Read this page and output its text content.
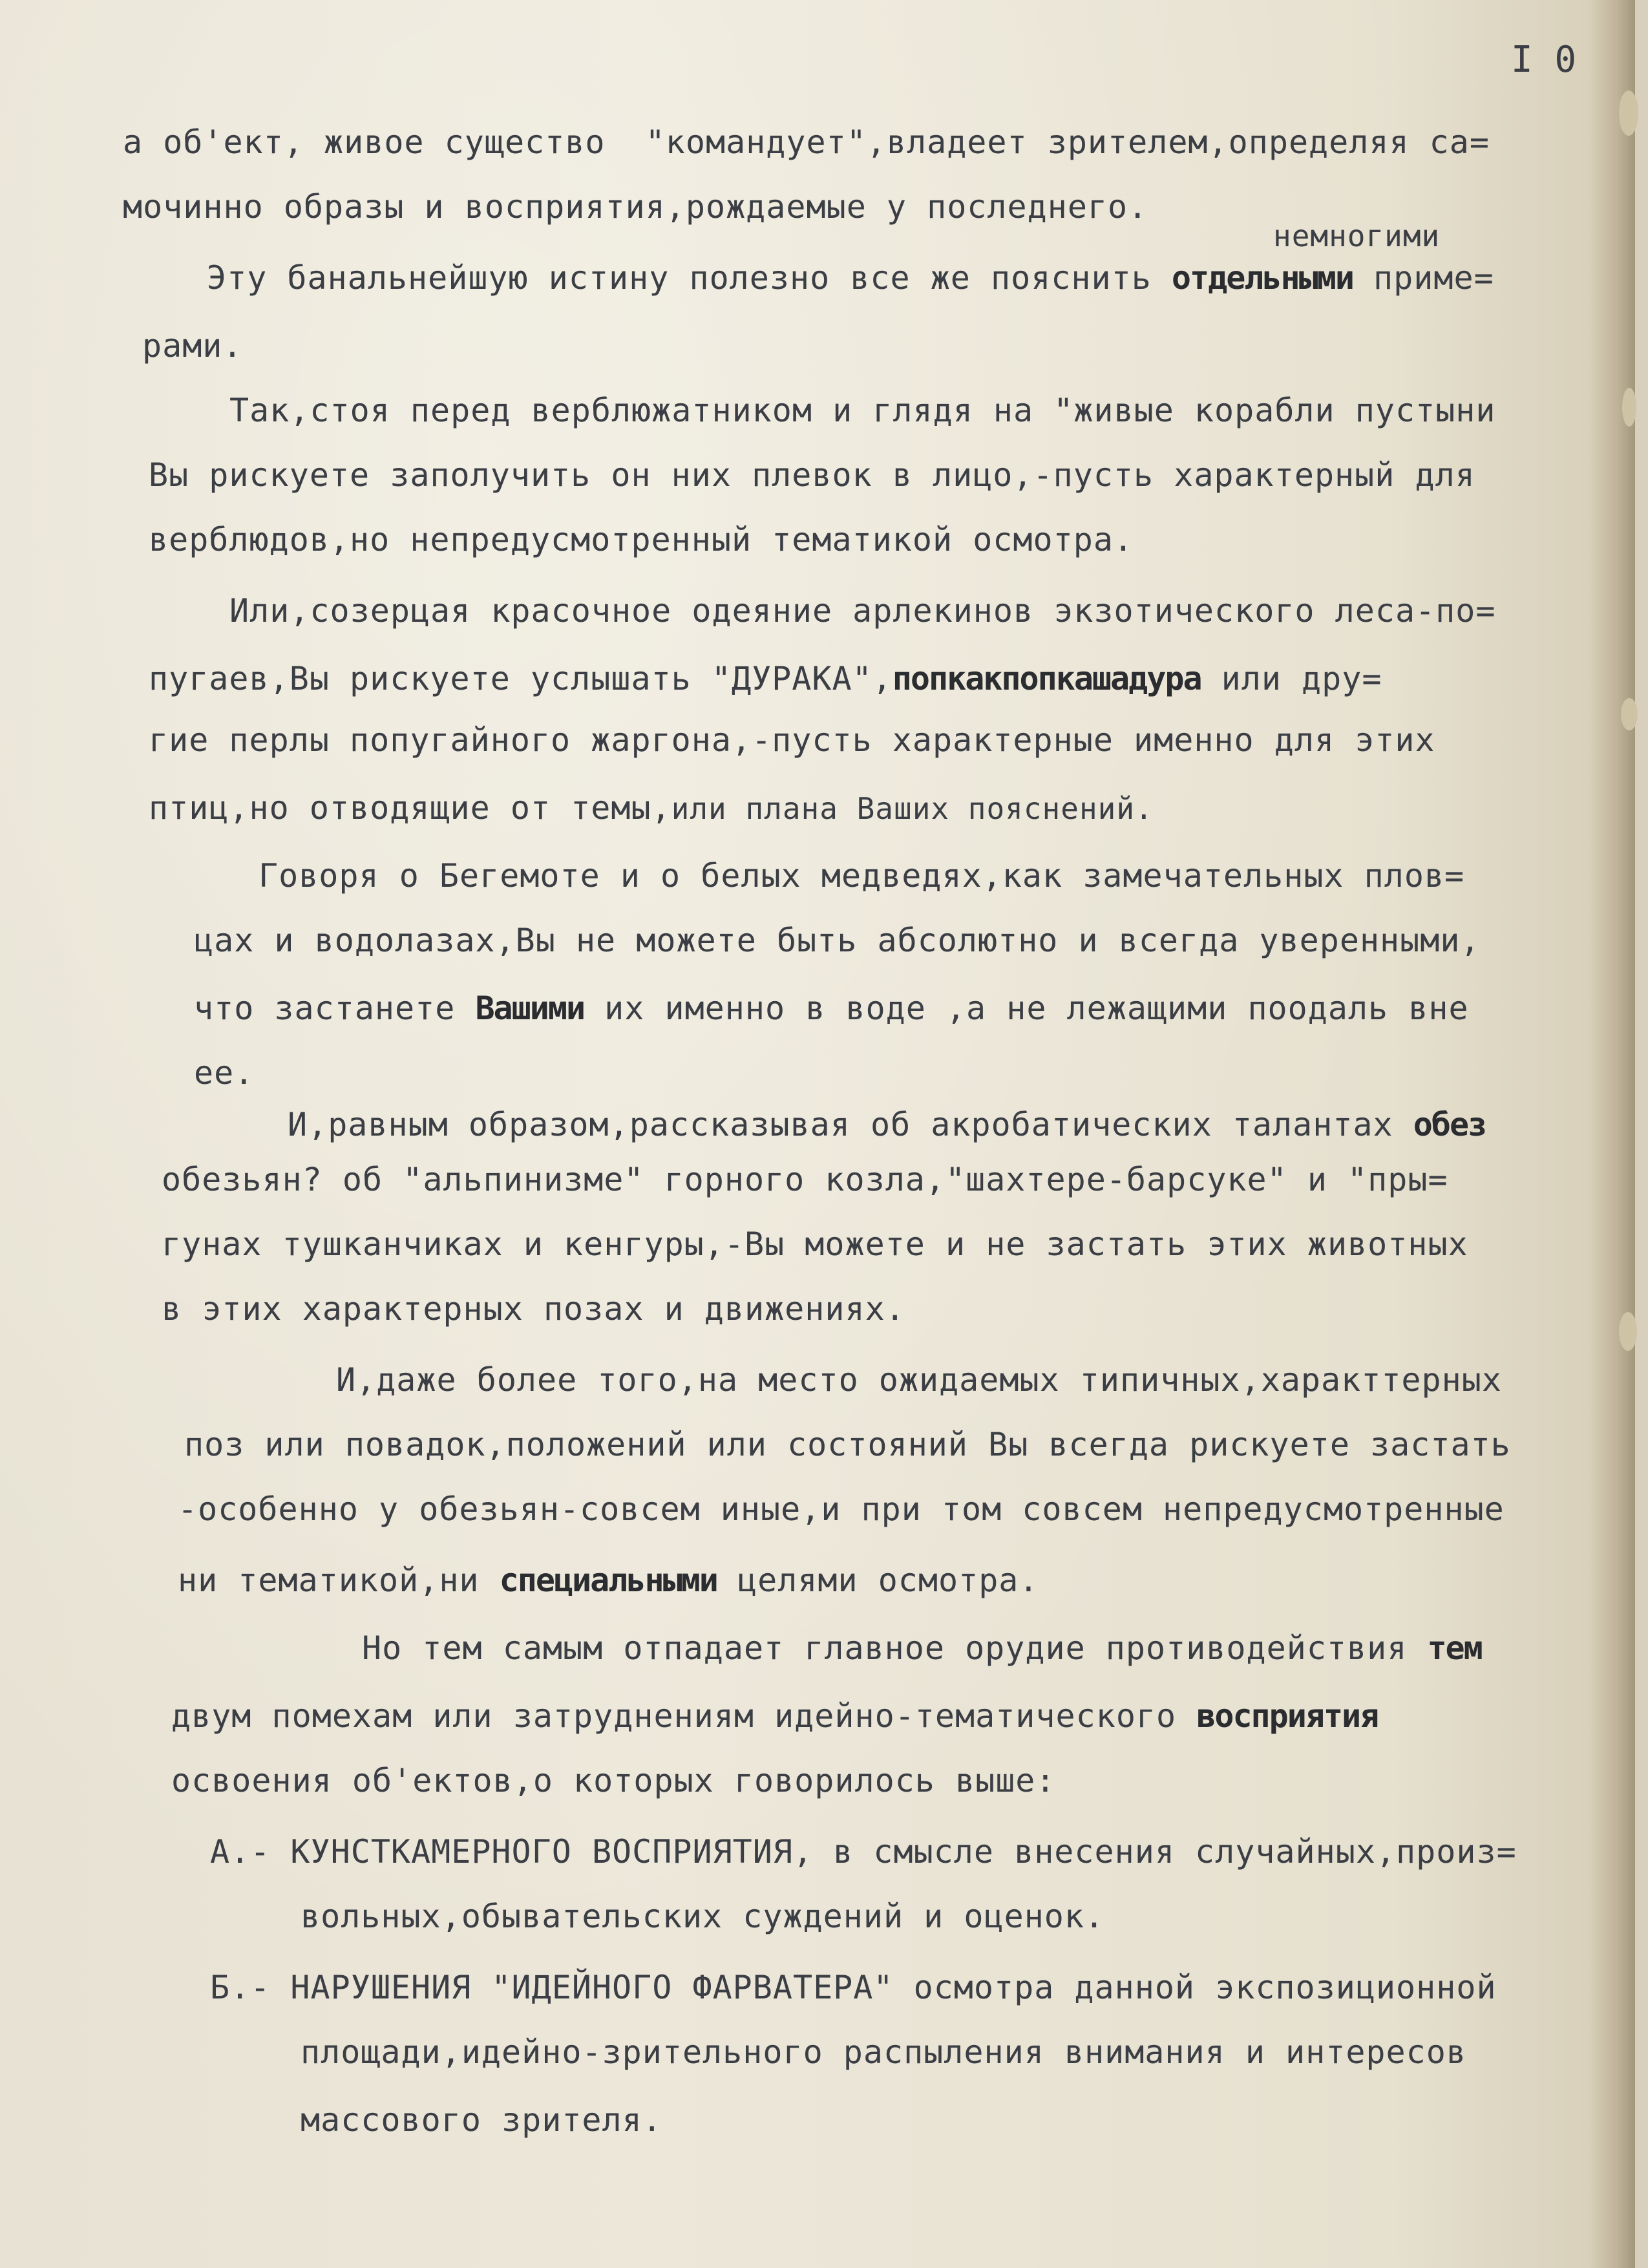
I 0
а об'ект, живое существо  "командует",владеет зрителем,определяя са=
мочинно образы и восприятия,рождаемые у последнего.
немногими
Эту банальнейшую истину полезно все же пояснить отдельными приме=
рами.
Так,стоя перед верблюжатником и глядя на "живые корабли пустыни
Вы рискуете заполучить он них плевок в лицо,-пусть характерный для
верблюдов,но непредусмотренный тематикой осмотра.
Или,созерцая красочное одеяние арлекинов экзотического леса-по=
пугаев,Вы рискуете услышать "ДУРАКА",попкакпопкашадура или дру=
гие перлы попугайного жаргона,-пусть характерные именно для этих
птиц,но отводящие от темы,или плана Ваших пояснений.
Говоря о Бегемоте и о белых медведях,как замечательных плов=
цах и водолазах,Вы не можете быть абсолютно и всегда уверенными,
что застанете Вашими их именно в воде ,а не лежащими поодаль вне
ее.
И,равным образом,рассказывая об акробатических талантах обез
обезьян? об "альпинизме" горного козла,"шахтере-барсуке" и "пры=
гунах тушканчиках и кенгуры,-Вы можете и не застать этих животных
в этих характерных позах и движениях.
И,даже более того,на место ожидаемых типичных,характтерных
поз или повадок,положений или состояний Вы всегда рискуете застать
-особенно у обезьян-совсем иные,и при том совсем непредусмотренные
ни тематикой,ни специальными целями осмотра.
Но тем самым отпадает главное орудие противодействия тем
двум помехам или затруднениям идейно-тематического восприятия
освоения об'ектов,о которых говорилось выше:
А.- КУНСТКАМЕРНОГО ВОСПРИЯТИЯ, в смысле внесения случайных,произ=
вольных,обывательских суждений и оценок.
Б.- НАРУШЕНИЯ "ИДЕЙНОГО ФАРВАТЕРА" осмотра данной экспозиционной
площади,идейно-зрительного распыления внимания и интересов
массового зрителя.
